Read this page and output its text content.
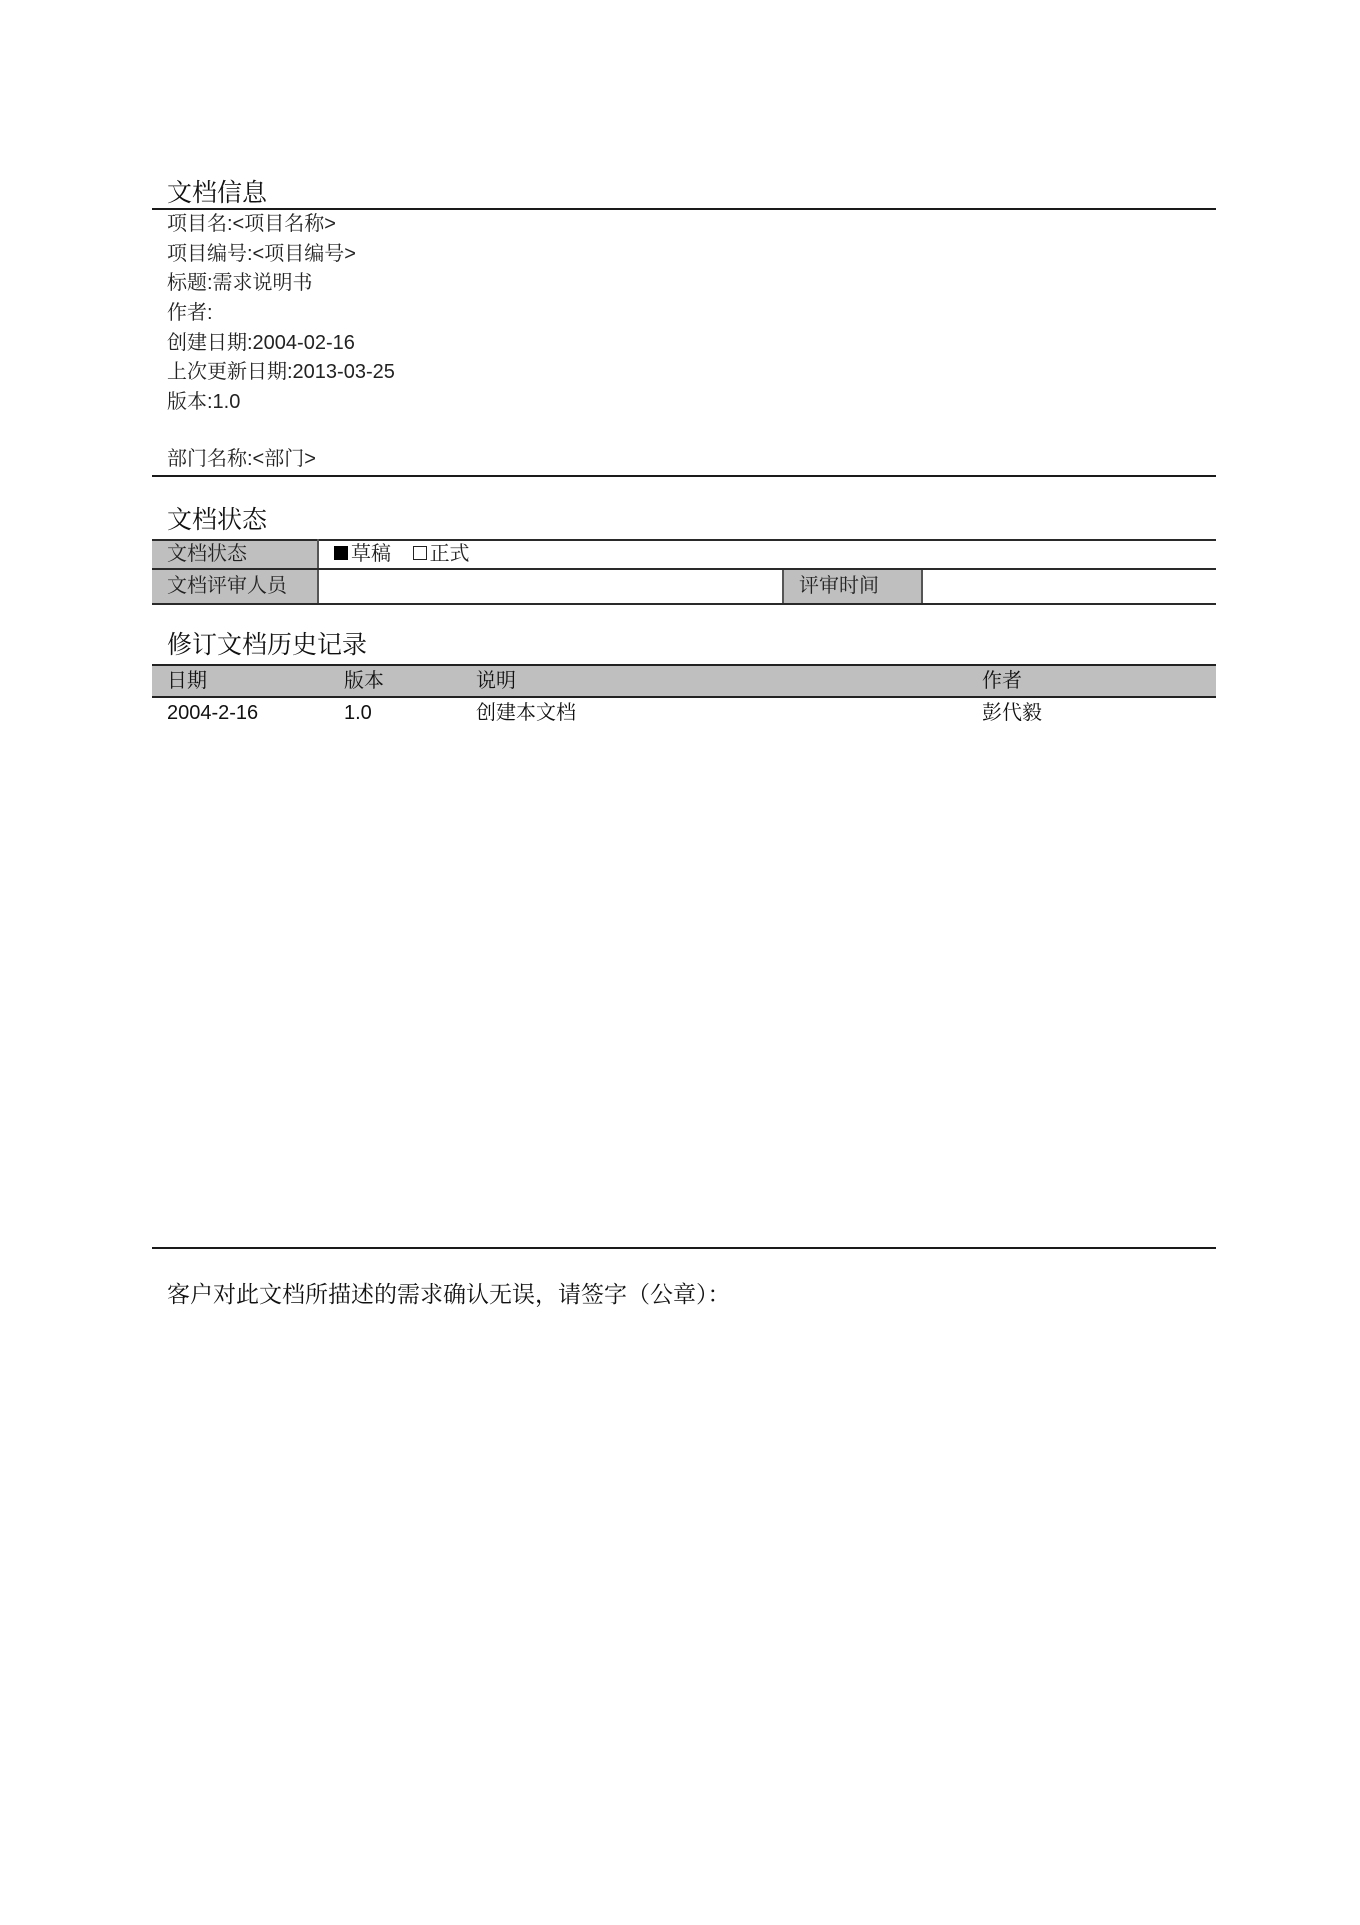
文档信息
项目名:<项目名称>
项目编号:<项目编号>
标题:需求说明书
作者:
创建日期:2004-02-16
上次更新日期:2013-03-25
版本:1.0
部门名称:<部门>
文档状态
文档状态	草稿 正式		
文档评审人员		评审时间	
修订文档历史记录
日期	版本	说明	作者
2004-2-16	1.0	创建本文档	彭代毅
客户对此文档所描述的需求确认无误，请签字（公章）：
